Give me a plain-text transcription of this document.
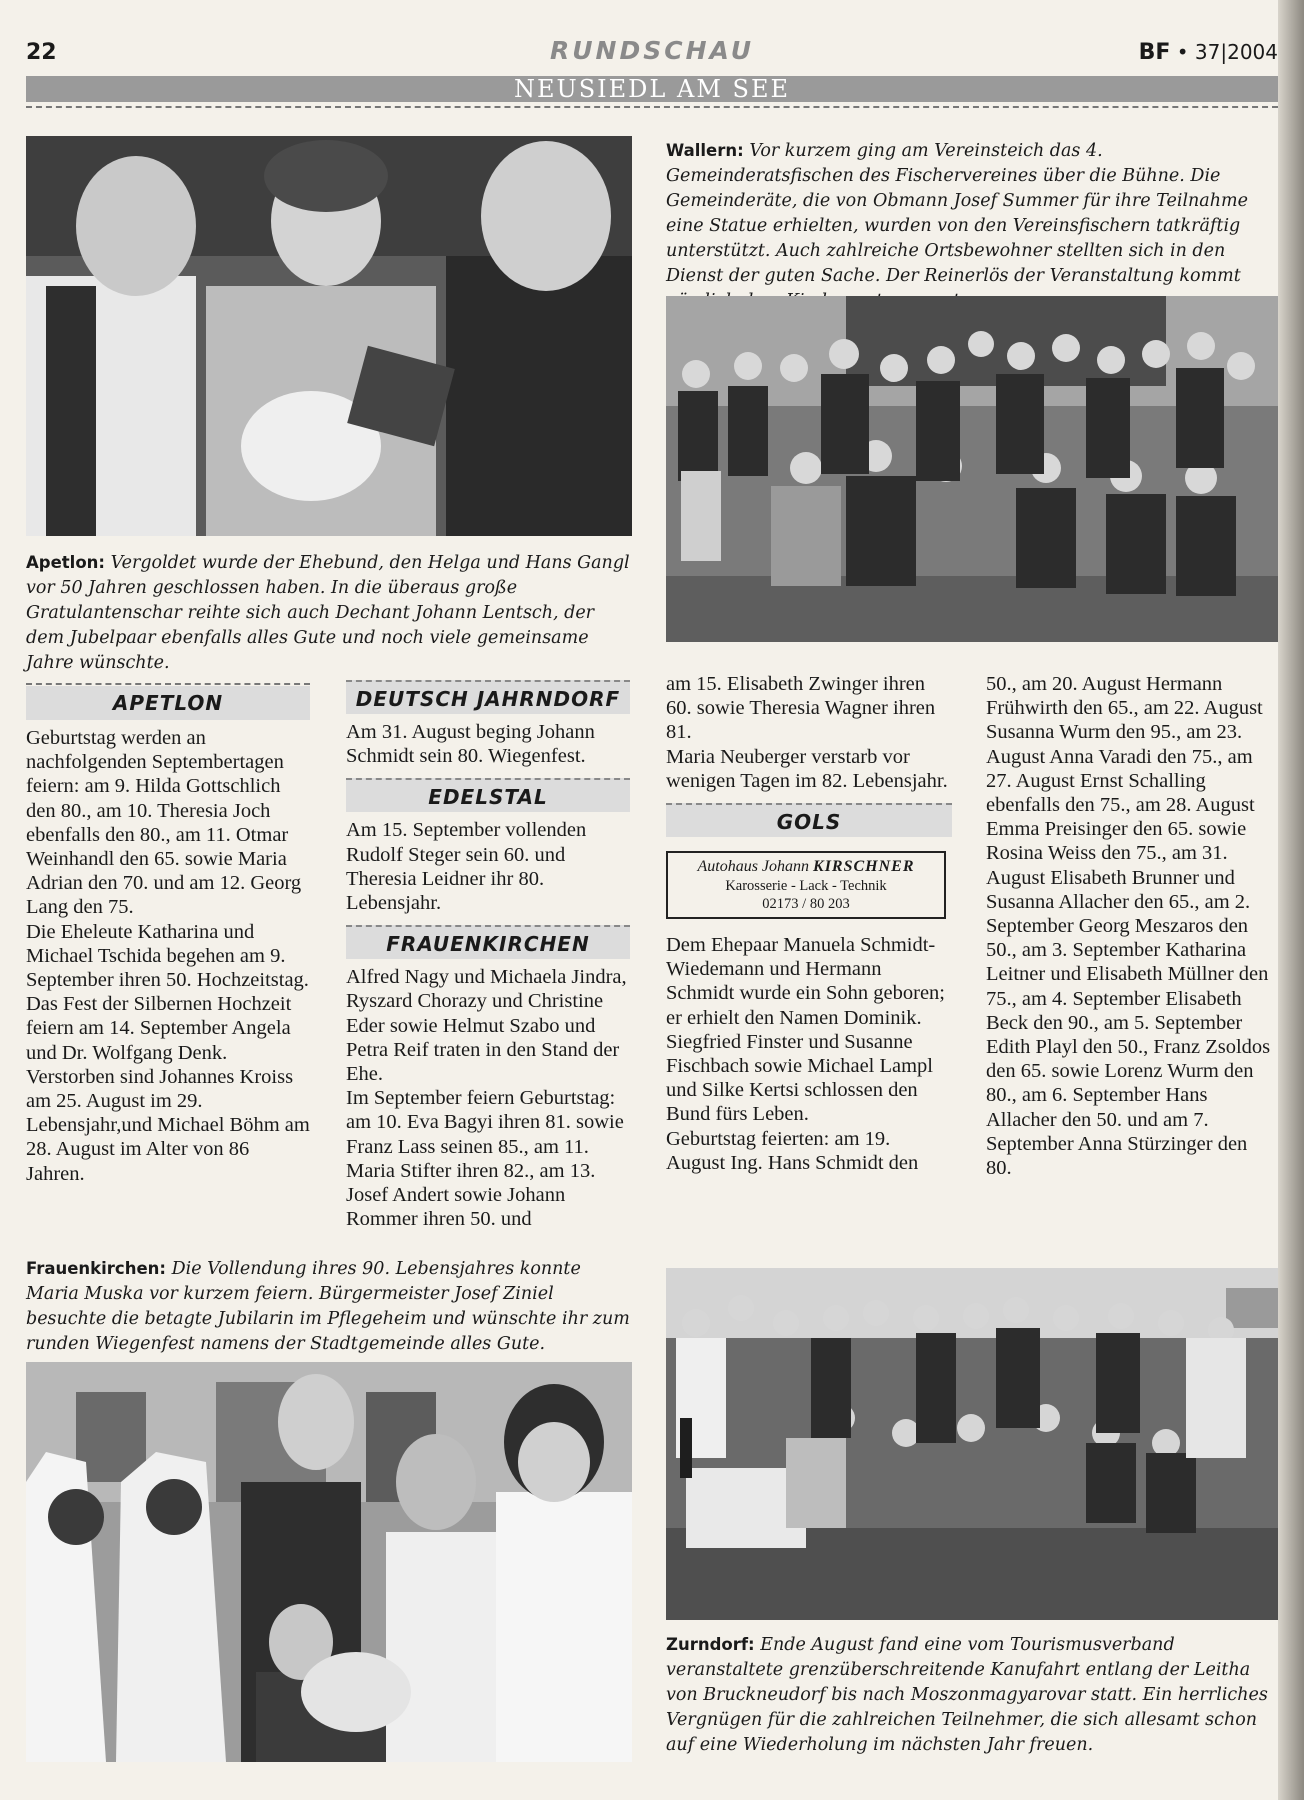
22	RUNDSCHAU	BF • 37|2004
NEUSIEDL AM SEE
Apetlon: Vergoldet wurde der Ehebund, den Helga und Hans Gangl vor 50 Jahren geschlossen haben. In die überaus große Gratulantenschar reihte sich auch Dechant Johann Lentsch, der dem Jubelpaar ebenfalls alles Gute und noch viele gemeinsame Jahre wünschte.
Wallern: Vor kurzem ging am Vereinsteich das 4. Gemeinderatsfischen des Fischervereines über die Bühne. Die Gemeinderäte, die von Obmann Josef Summer für ihre Teilnahme eine Statue erhielten, wurden von den Vereinsfischern tatkräftig unterstützt. Auch zahlreiche Ortsbewohner stellten sich in den Dienst der guten Sache. Der Reinerlös der Veranstaltung kommt
APETLON

Geburtstag werden an nachfolgenden Septembertagen feiern: am 9. Hilda Gottschlich den 80., am 10. Theresia Joch ebenfalls den 80., am 11. Otmar Weinhandl den 65. sowie Maria Adrian den 70. und am 12. Georg Lang den 75.

Die Eheleute Katharina und Michael Tschida begehen am 9. September ihren 50. Hochzeitstag.

Das Fest der Silbernen Hochzeit feiern am 14. September Angela und Dr. Wolfgang Denk.

Verstorben sind Johannes Kroiss am 25. August im 29. Lebensjahr,und Michael Böhm am 28. August im Alter von 86 Jahren.

DEUTSCH JAHRNDORF

Am 31. August beging Johann Schmidt sein 80. Wiegenfest.

EDELSTAL

Am 15. September vollenden Rudolf Steger sein 60. und Theresia Leidner ihr 80. Lebensjahr.

FRAUENKIRCHEN

Alfred Nagy und Michaela Jindra, Ryszard Chorazy und Christine Eder sowie Helmut Szabo und Petra Reif traten in den Stand der Ehe.

Im September feiern Geburtstag: am 10. Eva Bagyi ihren 81. sowie Franz Lass seinen 85., am 11. Maria Stifter ihren 82., am 13. Josef Andert sowie Johann Rommer ihren 50. und

am 15. Elisabeth Zwinger ihren 60. sowie Theresia Wagner ihren 81.

Maria Neuberger verstarb vor wenigen Tagen im 82. Lebensjahr.

GOLS
Autohaus Johann KIRSCHNER
Karosserie - Lack - Technik
02173 / 80 203

Dem Ehepaar Manuela Schmidt-Wiedemann und Hermann Schmidt wurde ein Sohn geboren; er erhielt den Namen Dominik.

Siegfried Finster und Susanne Fischbach sowie Michael Lampl und Silke Kertsi schlossen den Bund fürs Leben.

Geburtstag feierten: am 19. August Ing. Hans Schmidt den

50., am 20. August Hermann Frühwirth den 65., am 22. August Susanna Wurm den 95., am 23. August Anna Varadi den 75., am 27. August Ernst Schalling ebenfalls den 75., am 28. August Emma Preisinger den 65. sowie Rosina Weiss den 75., am 31. August Elisabeth Brunner und Susanna Allacher den 65., am 2. September Georg Meszaros den 50., am 3. September Katharina Leitner und Elisabeth Müllner den 75., am 4. September Elisabeth Beck den 90., am 5. September Edith Playl den 50., Franz Zsoldos den 65. sowie Lorenz Wurm den 80., am 6. September Hans Allacher den 50. und am 7. September Anna Stürzinger den 80.

Frauenkirchen: Die Vollendung ihres 90. Lebensjahres konnte Maria Muska vor kurzem feiern. Bürgermeister Josef Ziniel besuchte die betagte Jubilarin im Pflegeheim und wünschte ihr zum runden Wiegenfest namens der Stadtgemeinde alles Gute.
Zurndorf: Ende August fand eine vom Tourismusverband veranstaltete grenzüberschreitende Kanufahrt entlang der Leitha von Bruckneudorf bis nach Moszonmagyarovar statt. Ein herrliches Vergnügen für die zahlreichen Teilnehmer, die sich allesamt schon auf eine Wiederholung im nächsten Jahr freuen.
